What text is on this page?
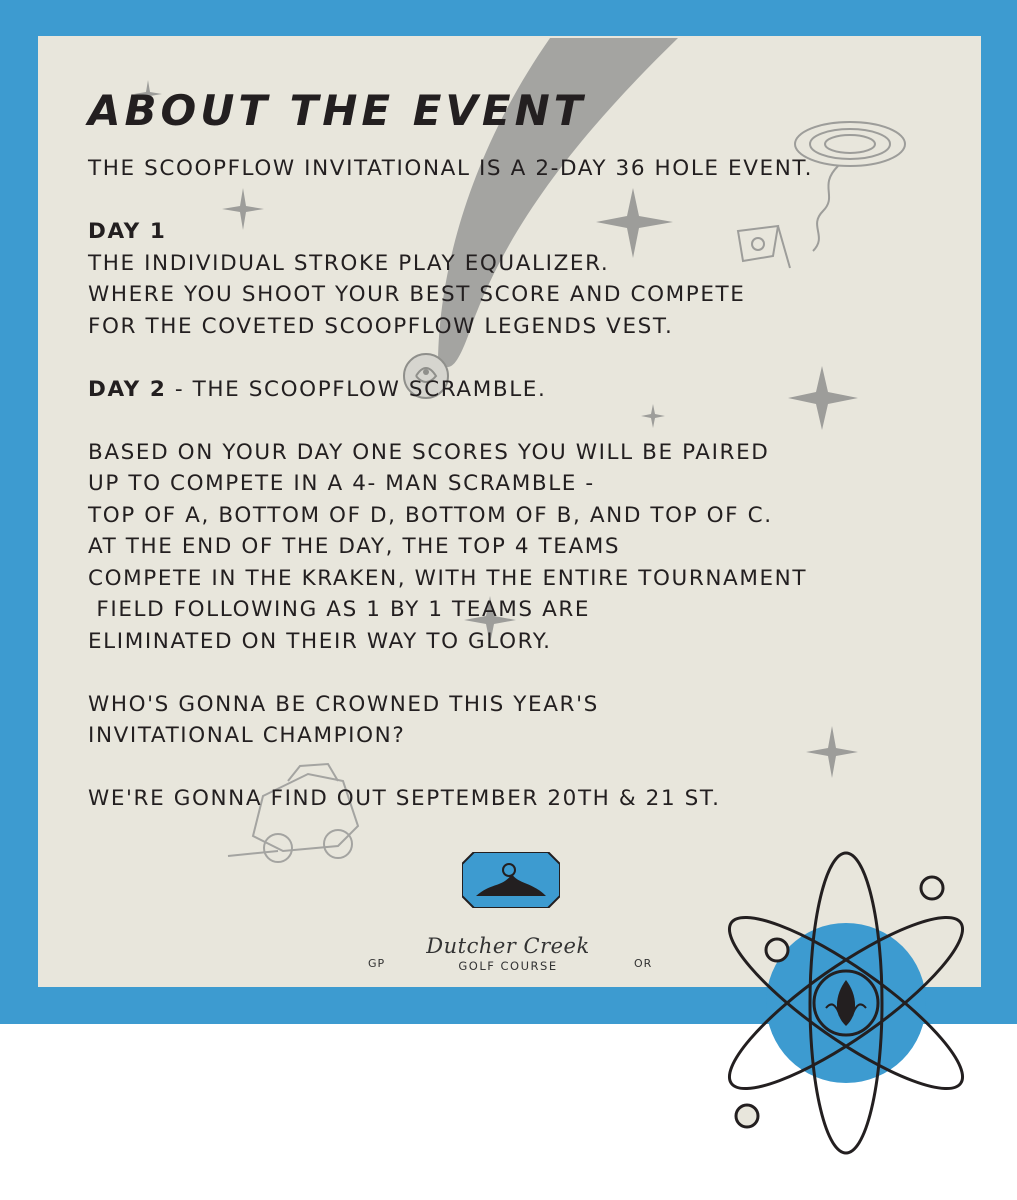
ABOUT THE EVENT

THE SCOOPFLOW INVITATIONAL IS A 2-DAY 36 HOLE EVENT.

DAY 1

THE INDIVIDUAL STROKE PLAY EQUALIZER.

WHERE YOU SHOOT YOUR BEST SCORE AND COMPETE

FOR THE COVETED SCOOPFLOW LEGENDS VEST.

DAY 2 - THE SCOOPFLOW SCRAMBLE.

BASED ON YOUR DAY ONE SCORES YOU WILL BE PAIRED

UP TO COMPETE IN A 4- MAN SCRAMBLE -

TOP OF A, BOTTOM OF D, BOTTOM OF B, AND TOP OF C.

AT THE END OF THE DAY, THE TOP 4 TEAMS

COMPETE IN THE KRAKEN, WITH THE ENTIRE TOURNAMENT

FIELD FOLLOWING AS 1 BY 1 TEAMS ARE

ELIMINATED ON THEIR WAY TO GLORY.

WHO'S GONNA BE CROWNED THIS YEAR'S

INVITATIONAL CHAMPION?

WE'RE GONNA FIND OUT SEPTEMBER 20TH & 21 ST.

GP	OR
Dutcher Creek
GOLF COURSE
